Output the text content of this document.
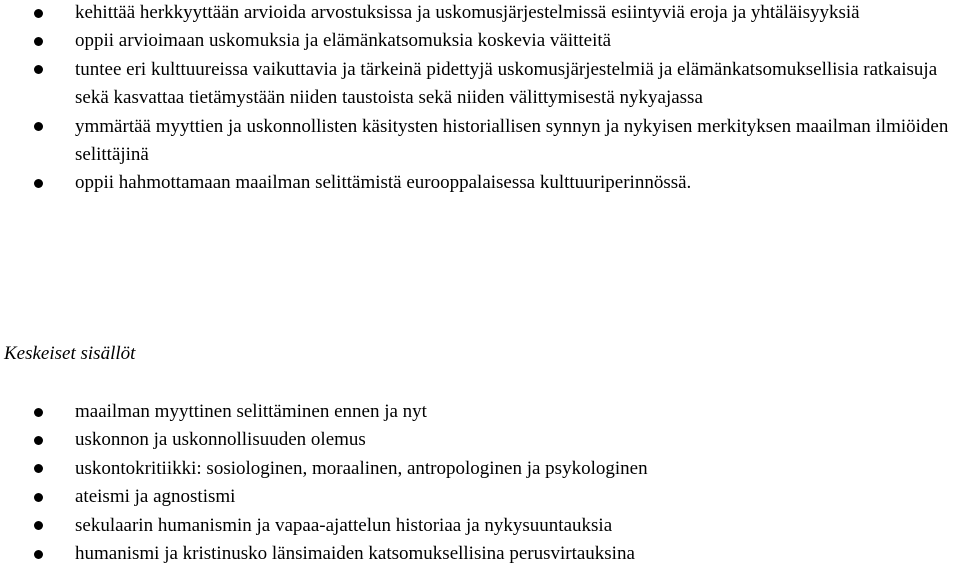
kehittää herkkyyttään arvioida arvostuksissa ja uskomusjärjestelmissä esiintyviä eroja ja yhtäläisyyksiä
oppii arvioimaan uskomuksia ja elämänkatsomuksia koskevia väitteitä
tuntee eri kulttuureissa vaikuttavia ja tärkeinä pidettyjä uskomusjärjestelmiä ja elämänkatsomuksellisia ratkaisuja sekä kasvattaa tietämystään niiden taustoista sekä niiden välittymisestä nykyajassa
ymmärtää myyttien ja uskonnollisten käsitysten historiallisen synnyn ja nykyisen merkityksen maailman ilmiöiden selittäjinä
oppii hahmottamaan maailman selittämistä eurooppalaisessa kulttuuriperinnössä.
Keskeiset sisällöt
maailman myyttinen selittäminen ennen ja nyt
uskonnon ja uskonnollisuuden olemus
uskontokritiikki: sosiologinen, moraalinen, antropologinen ja psykologinen
ateismi ja agnostismi
sekulaarin humanismin ja vapaa-ajattelun historiaa ja nykysuuntauksia
humanismi ja kristinusko länsimaiden katsomuksellisina perusvirtauksina
